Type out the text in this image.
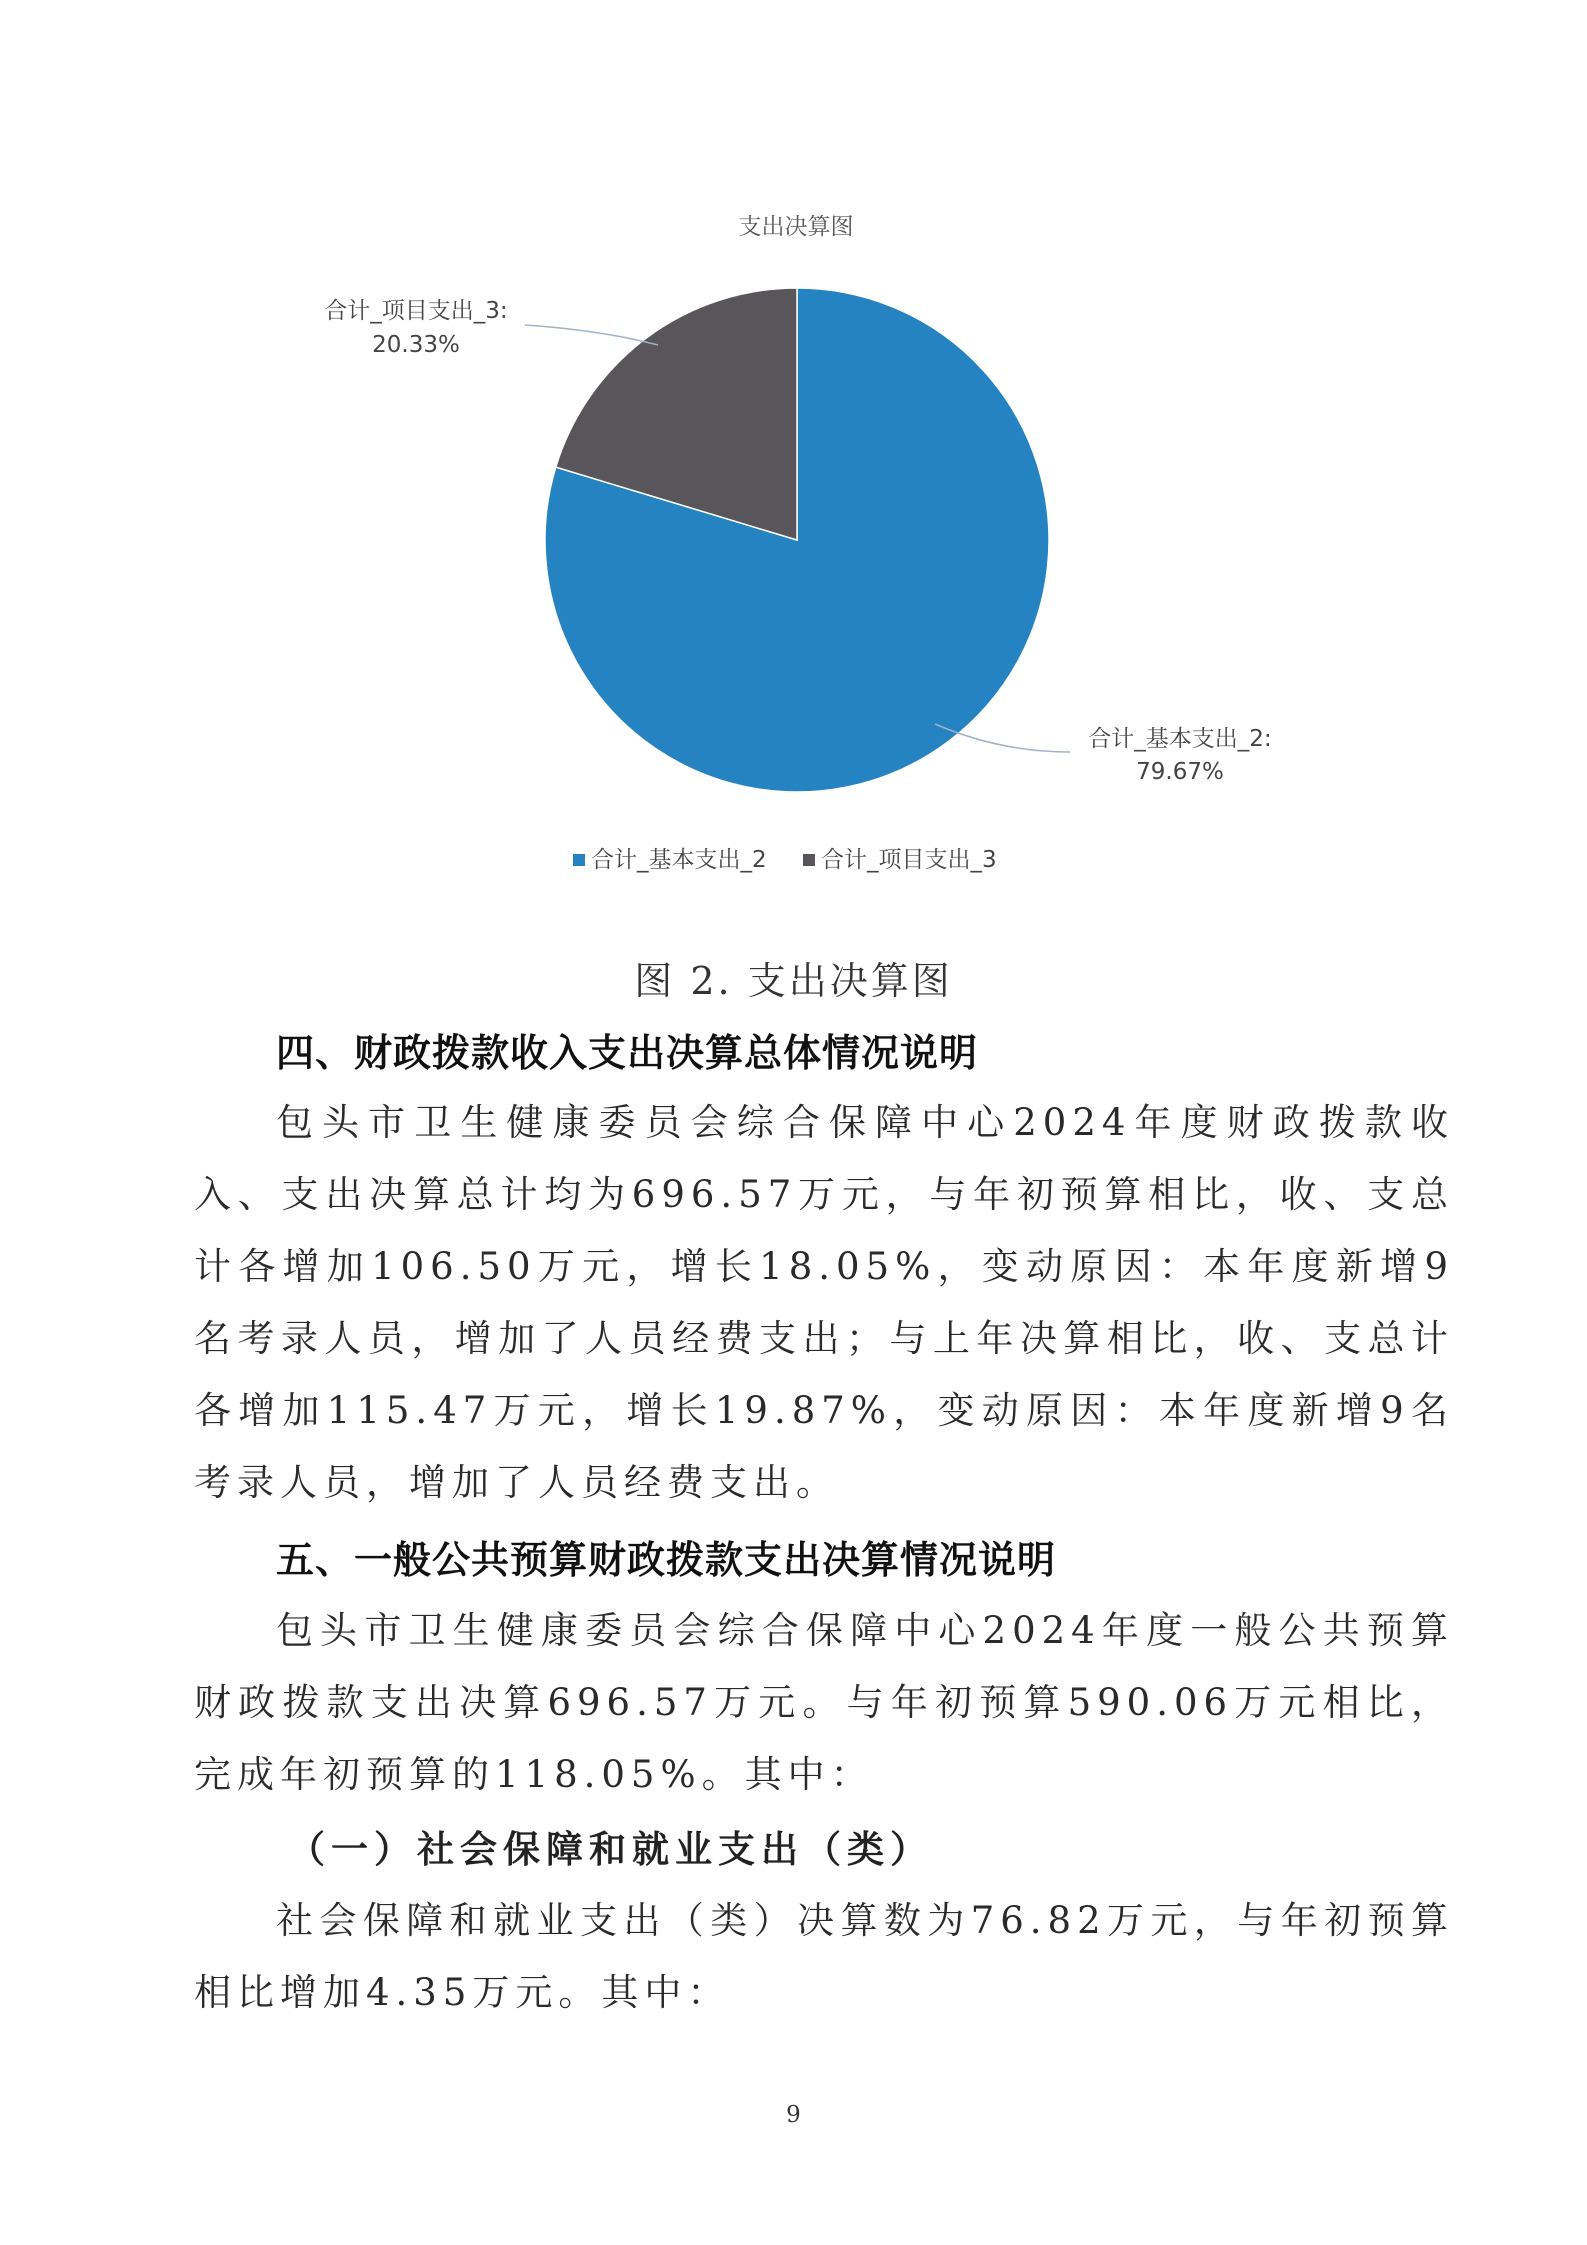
支出决算图
合计_项目支出_3:
20.33%
合计_基本支出_2:
79.67%
合计_基本支出_2 合计_项目支出_3
图 2. 支出决算图
四、财政拨款收入支出决算总体情况说明
包头市卫生健康委员会综合保障中心2024年度财政拨款收入、支出决算总计均为696.57万元，与年初预算相比，收、支总计各增加106.50万元，增长18.05%，变动原因：本年度新增9名考录人员，增加了人员经费支出；与上年决算相比，收、支总计各增加115.47万元，增长19.87%，变动原因：本年度新增9名考录人员，增加了人员经费支出。
五、一般公共预算财政拨款支出决算情况说明
包头市卫生健康委员会综合保障中心2024年度一般公共预算财政拨款支出决算696.57万元。与年初预算590.06万元相比，完成年初预算的118.05%。其中：
（一）社会保障和就业支出（类）
社会保障和就业支出（类）决算数为76.82万元，与年初预算相比增加4.35万元。其中：
9
